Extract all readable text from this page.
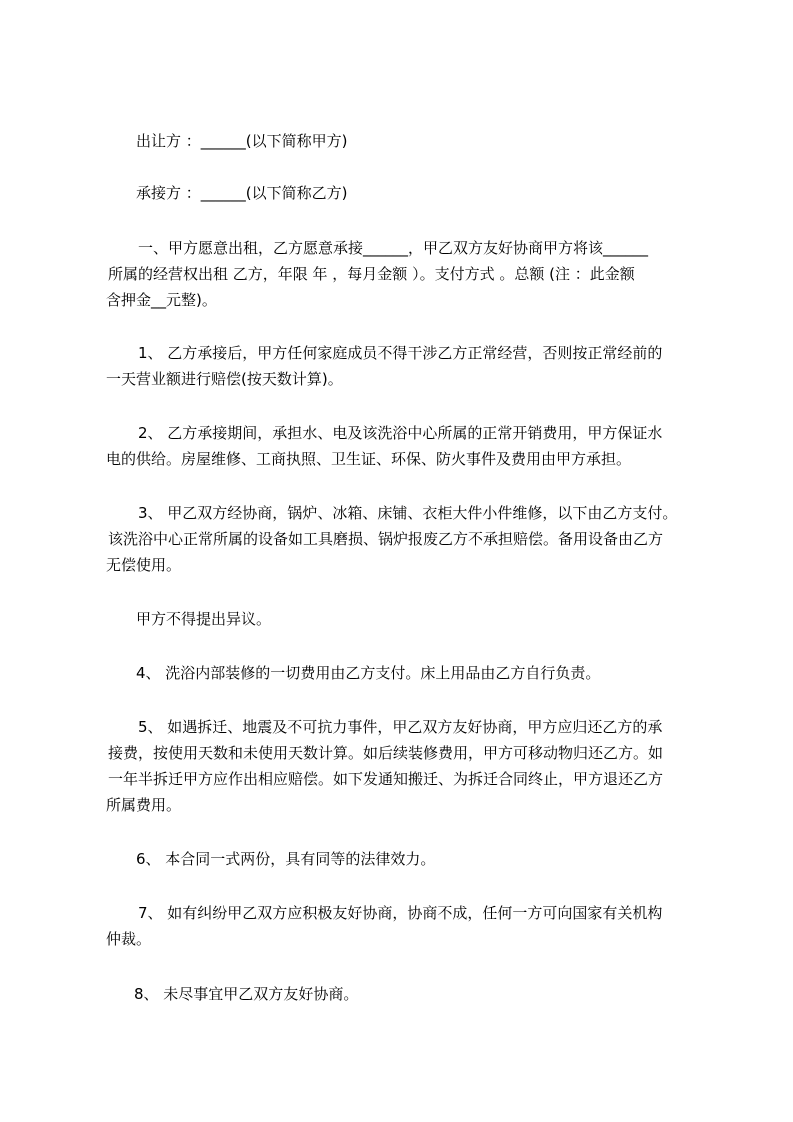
出让方 ：______(以下简称甲方)

承接方 ：______(以下简称乙方)

一、甲方愿意出租，乙方愿意承接______，甲乙双方友好协商甲方将该______
所属的经营权出租 乙方，年限 年 ，每月金额 ）。支付方式 。总额 (注 ：此金额
含押金__元整)。

1、 乙方承接后，甲方任何家庭成员不得干涉乙方正常经营，否则按正常经前的
一天营业额进行赔偿(按天数计算)。

2、 乙方承接期间，承担水、电及该洗浴中心所属的正常开销费用，甲方保证水
电的供给。房屋维修、工商执照、卫生证、环保、防火事件及费用由甲方承担。

3、 甲乙双方经协商，锅炉、冰箱、床铺、衣柜大件小件维修，以下由乙方支付。
该洗浴中心正常所属的设备如工具磨损、锅炉报废乙方不承担赔偿。备用设备由乙方
无偿使用。

甲方不得提出异议。

4、 洗浴内部装修的一切费用由乙方支付。床上用品由乙方自行负责。

5、 如遇拆迁、地震及不可抗力事件，甲乙双方友好协商，甲方应归还乙方的承
接费，按使用天数和未使用天数计算。如后续装修费用，甲方可移动物归还乙方。如
一年半拆迁甲方应作出相应赔偿。如下发通知搬迁、为拆迁合同终止，甲方退还乙方
所属费用。

6、 本合同一式两份，具有同等的法律效力。

7、 如有纠纷甲乙双方应积极友好协商，协商不成，任何一方可向国家有关机构
仲裁。

8、 未尽事宜甲乙双方友好协商。
